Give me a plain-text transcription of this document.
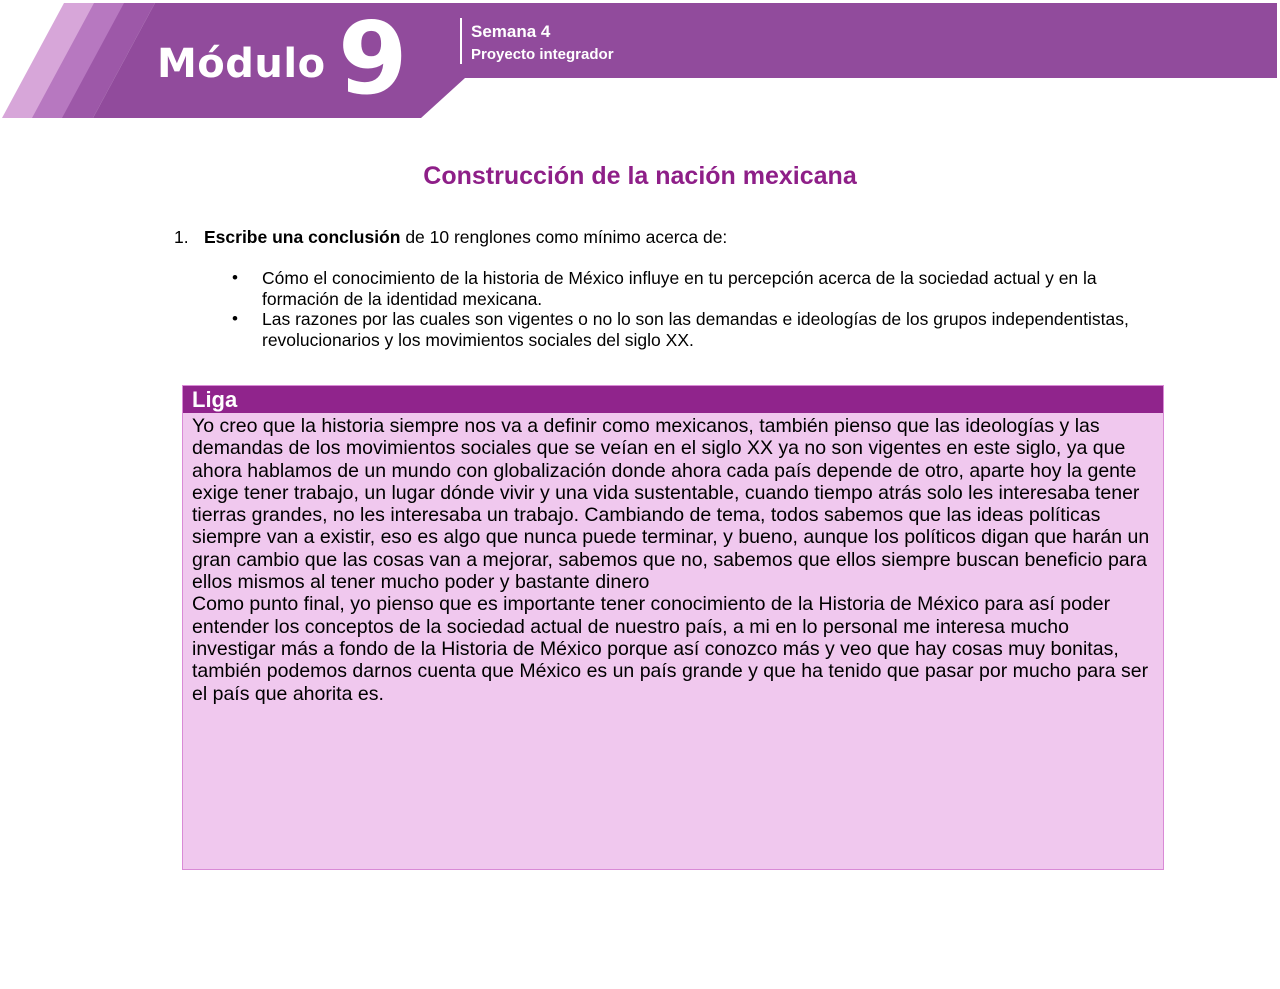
Módulo 9	Semana 4
Proyecto integrador
Construcción de la nación mexicana
1. Escribe una conclusión de 10 renglones como mínimo acerca de:
•	Cómo el conocimiento de la historia de México influye en tu percepción acerca de la sociedad actual y en la formación de la identidad mexicana.
•	Las razones por las cuales son vigentes o no lo son las demandas e ideologías de los grupos independentistas, revolucionarios y los movimientos sociales del siglo XX.
Liga

Yo creo que la historia siempre nos va a definir como mexicanos, también pienso que las ideologías y las demandas de los movimientos sociales que se veían en el siglo XX ya no son vigentes en este siglo, ya que ahora hablamos de un mundo con globalización donde ahora cada país depende de otro, aparte hoy la gente exige tener trabajo, un lugar dónde vivir y una vida sustentable, cuando tiempo atrás solo les interesaba tener tierras grandes, no les interesaba un trabajo. Cambiando de tema, todos sabemos que las ideas políticas siempre van a existir, eso es algo que nunca puede terminar, y bueno, aunque los políticos digan que harán un gran cambio que las cosas van a mejorar, sabemos que no, sabemos que ellos siempre buscan beneficio para ellos mismos al tener mucho poder y bastante dinero

Como punto final, yo pienso que es importante tener conocimiento de la Historia de México para así poder entender los conceptos de la sociedad actual de nuestro país, a mi en lo personal me interesa mucho investigar más a fondo de la Historia de México porque así conozco más y veo que hay cosas muy bonitas, también podemos darnos cuenta que México es un país grande y que ha tenido que pasar por mucho para ser el país que ahorita es.
